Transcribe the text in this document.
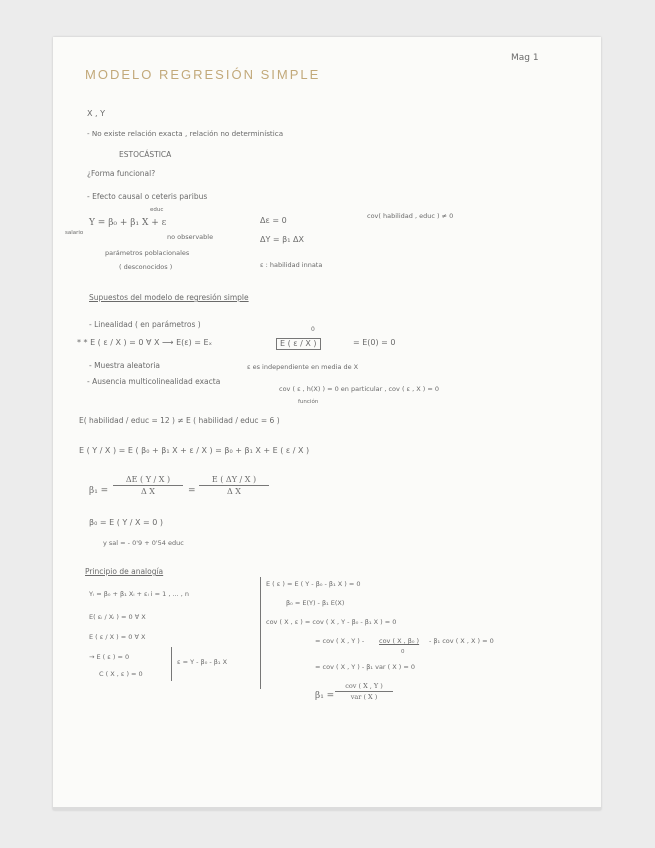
Mag 1
MODELO REGRESIÓN SIMPLE
X , Y
- No existe relación exacta , relación no determinística
ESTOCÁSTICA
¿Forma funcional?
- Efecto causal o ceteris paribus
educ
Y = β₀ + β₁ X + ε
salario	no observable
parámetros poblacionales
( desconocidos )
Δε = 0
ΔY = β₁ ΔX
ε : habilidad innata
cov( habilidad , educ ) ≠ 0
Supuestos del modelo de regresión simple
- Linealidad ( en parámetros )
* * E ( ε / X ) = 0 ∀ X ⟶ E(ε) = Eₓ	E ( ε / X )
0
= E(0) = 0
- Muestra aleatoria	ε es independiente en media de X
- Ausencia multicolinealidad exacta
cov ( ε , h(X) ) = 0 en particular , cov ( ε , X ) = 0
función
E( habilidad / educ = 12 ) ≠ E ( habilidad / educ = 6 )
E ( Y / X ) = E ( β₀ + β₁ X + ε / X ) = β₀ + β₁ X + E ( ε / X )
β₁ =
ΔE ( Y / X )
Δ X	=
E ( ΔY / X )
Δ X
β₀ = E ( Y / X = 0 )
y sal = - 0'9 + 0'54 educ
Principio de analogía
Yᵢ = β₀ + β₁ Xᵢ + εᵢ i = 1 , ... , n
E( εᵢ / Xᵢ ) = 0 ∀ X
E ( ε / X ) = 0 ∀ X
→ E ( ε ) = 0
C ( X , ε ) = 0
ε = Y - β₀ - β₁ X
E ( ε ) = E ( Y - β₀ - β₁ X ) = 0
β₀ = E(Y) - β₁ E(X)
cov ( X , ε ) = cov ( X , Y - β₀ - β₁ X ) = 0
= cov ( X , Y ) - cov ( X , β₀ )
0
- β₁ cov ( X , X ) = 0
= cov ( X , Y ) - β₁ var ( X ) = 0
β₁ =
cov ( X , Y )
var ( X )
